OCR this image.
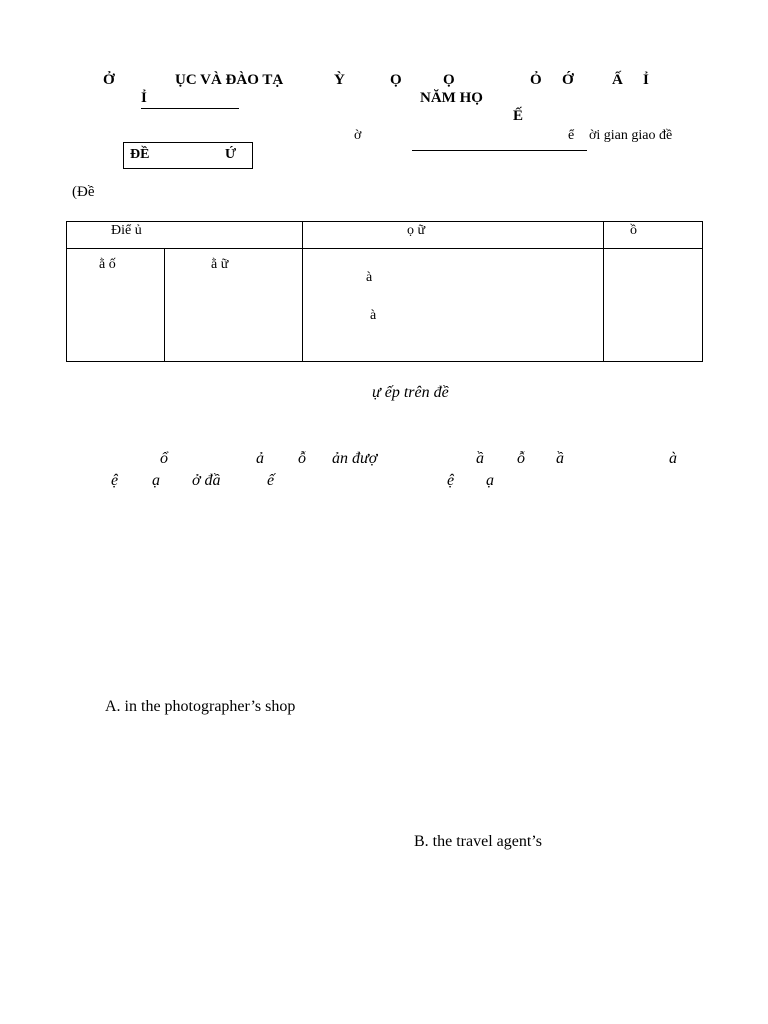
Ở	ỤC VÀ ĐÀO TẠ	Ỳ	Ọ	Ọ	Ỏ Ớ	Ấ Ỉ
Ỉ	NĂM HỌ
Ế
ờ	ể ời gian giao đề
ĐỀ	Ứ
(Đề
Điể ủ	ọ ữ	ồ
ằ ố	ằ ữ
à
à
ự ếp trên đề
ổ	ả ỗ ản đượ	ầ ỗ ầ	à
ệ ạ ở đầ	ế	ệ ạ
A. in the photographer’s shop
B. the travel agent’s
